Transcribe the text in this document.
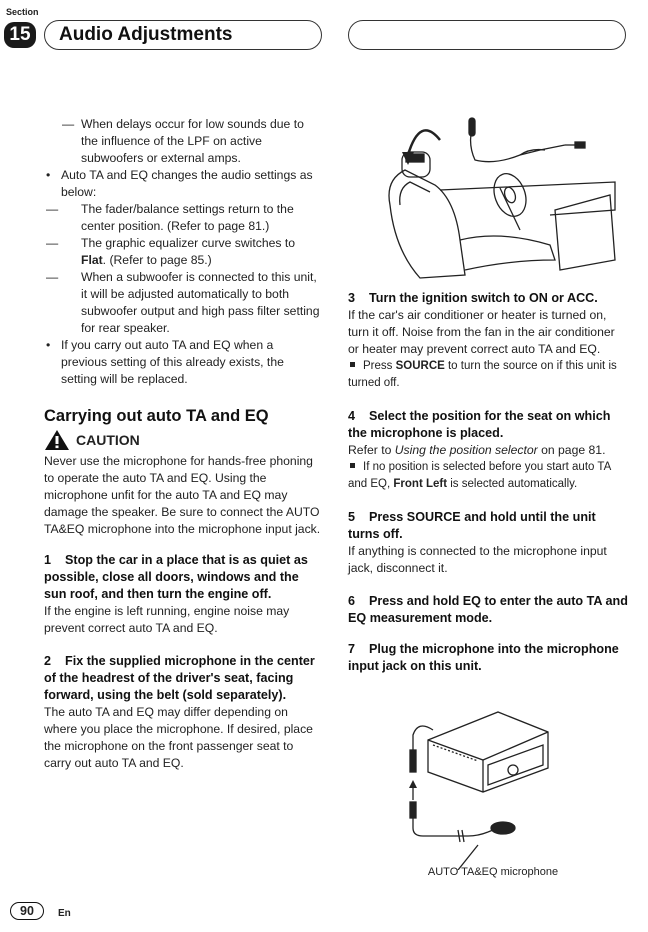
Section
15 Audio Adjustments
— When delays occur for low sounds due to the influence of the LPF on active subwoofers or external amps.
• Auto TA and EQ changes the audio settings as below:
— The fader/balance settings return to the center position. (Refer to page 81.)
— The graphic equalizer curve switches to Flat. (Refer to page 85.)
— When a subwoofer is connected to this unit, it will be adjusted automatically to both subwoofer output and high pass filter setting for rear speaker.
• If you carry out auto TA and EQ when a previous setting of this already exists, the setting will be replaced.
Carrying out auto TA and EQ
CAUTION
Never use the microphone for hands-free phoning to operate the auto TA and EQ. Using the microphone unfit for the auto TA and EQ may damage the speaker. Be sure to connect the AUTO TA&EQ microphone into the microphone input jack.
1 Stop the car in a place that is as quiet as possible, close all doors, windows and the sun roof, and then turn the engine off.
If the engine is left running, engine noise may prevent correct auto TA and EQ.
2 Fix the supplied microphone in the center of the headrest of the driver's seat, facing forward, using the belt (sold separately).
The auto TA and EQ may differ depending on where you place the microphone. If desired, place the microphone on the front passenger seat to carry out auto TA and EQ.
3 Turn the ignition switch to ON or ACC.
If the car's air conditioner or heater is turned on, turn it off. Noise from the fan in the air conditioner or heater may prevent correct auto TA and EQ.
Press SOURCE to turn the source on if this unit is turned off.
4 Select the position for the seat on which the microphone is placed.
Refer to Using the position selector on page 81.
If no position is selected before you start auto TA and EQ, Front Left is selected automatically.
5 Press SOURCE and hold until the unit turns off.
If anything is connected to the microphone input jack, disconnect it.
6 Press and hold EQ to enter the auto TA and EQ measurement mode.
7 Plug the microphone into the microphone input jack on this unit.
AUTO TA&EQ microphone
90	En
